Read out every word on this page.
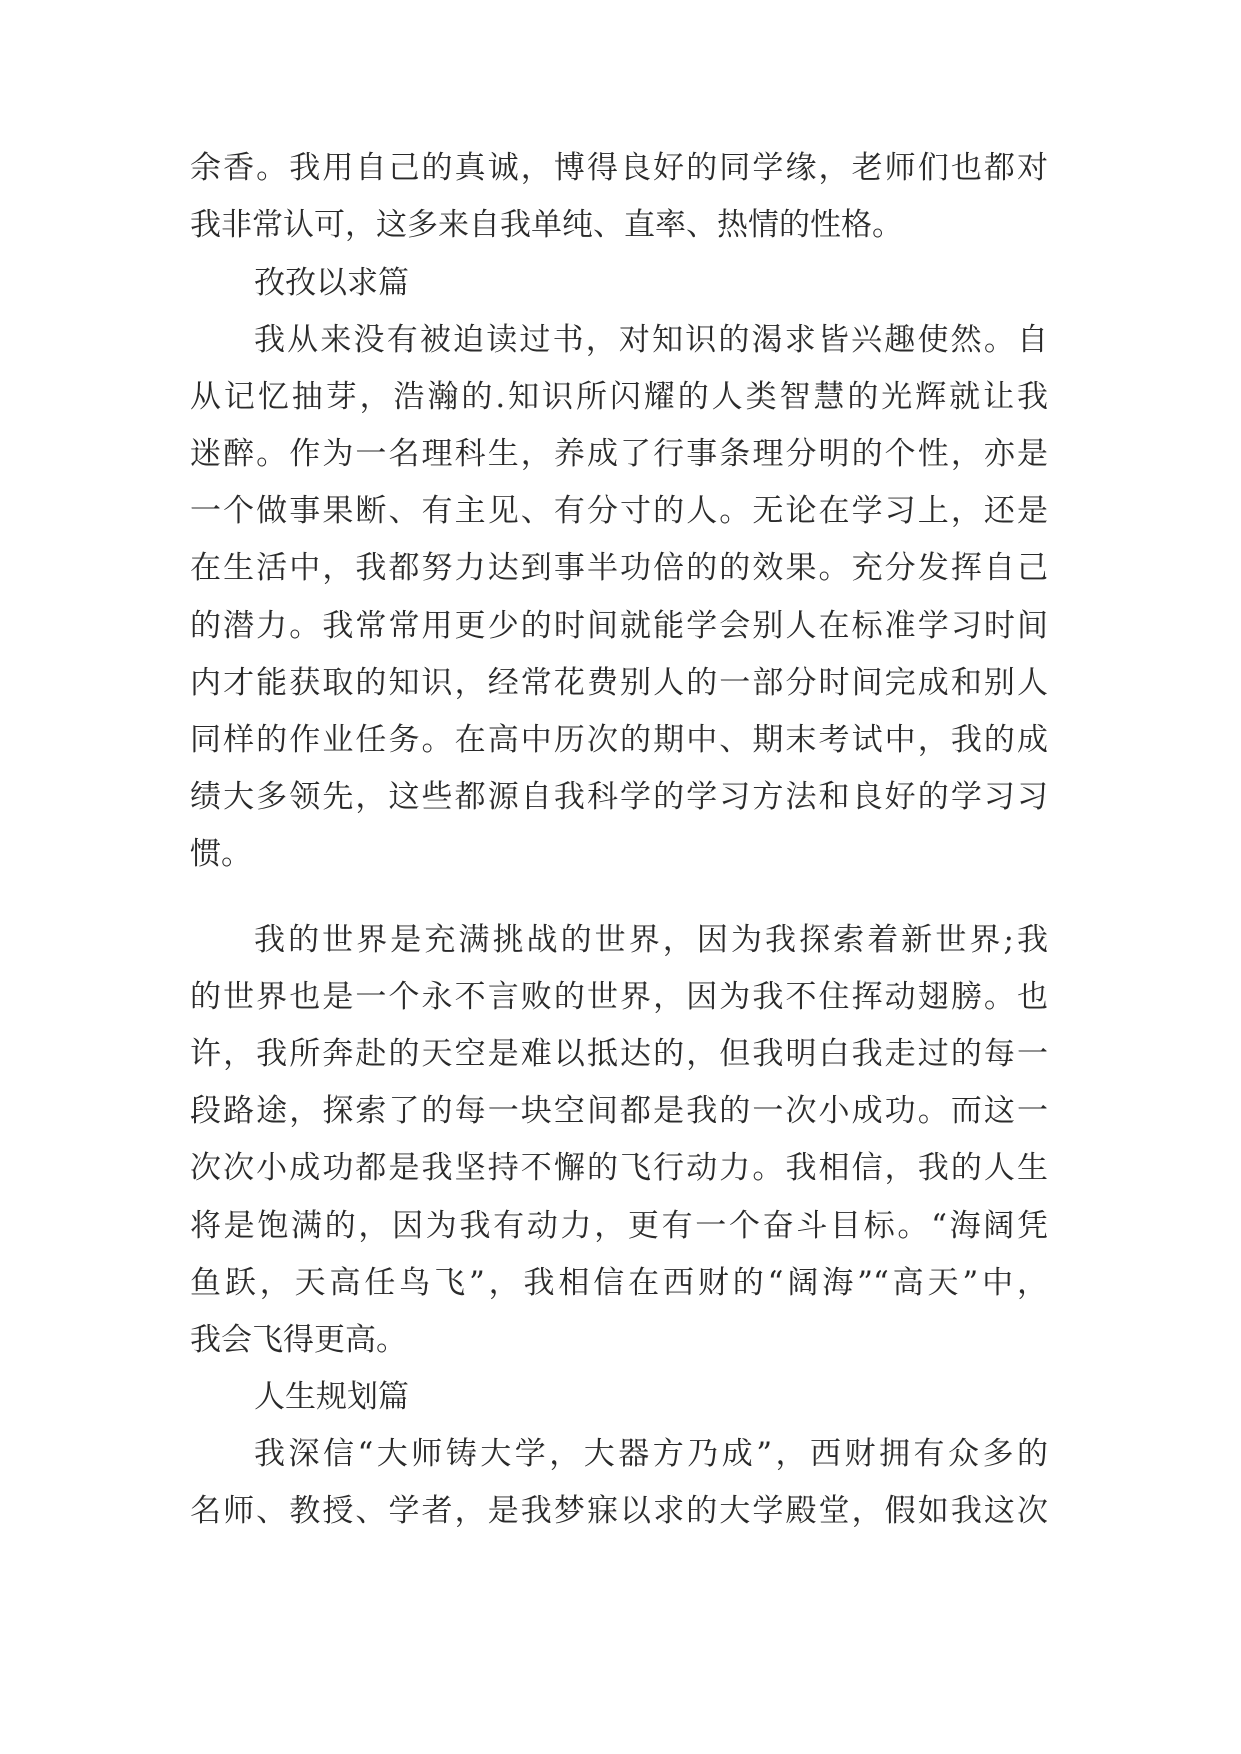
余香。我用自己的真诚，博得良好的同学缘，老师们也都对
我非常认可，这多来自我单纯、直率、热情的性格。
孜孜以求篇
我从来没有被迫读过书，对知识的渴求皆兴趣使然。自
从记忆抽芽，浩瀚的.知识所闪耀的人类智慧的光辉就让我
迷醉。作为一名理科生，养成了行事条理分明的个性，亦是
一个做事果断、有主见、有分寸的人。无论在学习上，还是
在生活中，我都努力达到事半功倍的的效果。充分发挥自己
的潜力。我常常用更少的时间就能学会别人在标准学习时间
内才能获取的知识，经常花费别人的一部分时间完成和别人
同样的作业任务。在高中历次的期中、期末考试中，我的成
绩大多领先，这些都源自我科学的学习方法和良好的学习习
惯。
我的世界是充满挑战的世界，因为我探索着新世界;我
的世界也是一个永不言败的世界，因为我不住挥动翅膀。也
许，我所奔赴的天空是难以抵达的，但我明白我走过的每一
段路途，探索了的每一块空间都是我的一次小成功。而这一
次次小成功都是我坚持不懈的飞行动力。我相信，我的人生
将是饱满的，因为我有动力，更有一个奋斗目标。“海阔凭
鱼跃，天高任鸟飞”，我相信在西财的“阔海”“高天”中，
我会飞得更高。
人生规划篇
我深信“大师铸大学，大器方乃成”，西财拥有众多的
名师、教授、学者，是我梦寐以求的大学殿堂，假如我这次
